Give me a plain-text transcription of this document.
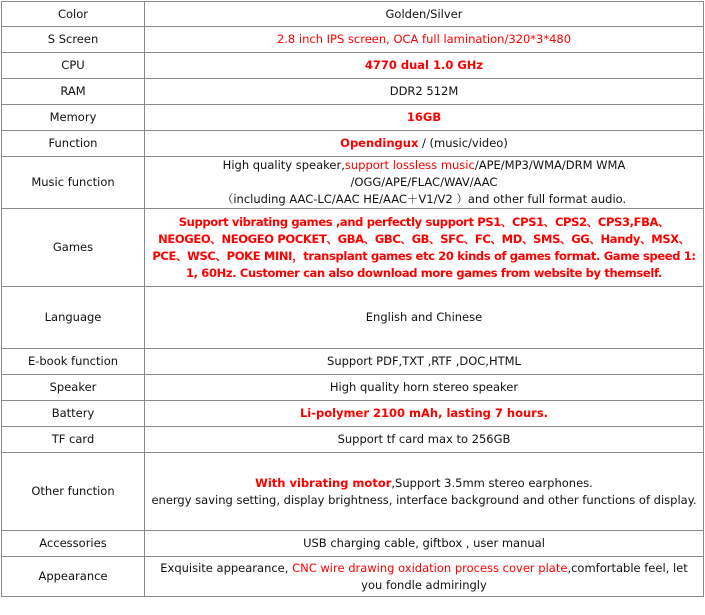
Color	Golden/Silver
S Screen	2.8 inch IPS screen, OCA full lamination/320*3*480
CPU	4770 dual 1.0 GHz
RAM	DDR2 512M
Memory	16GB
Function	Opendingux / (music/video)
Music function	High quality speaker,support lossless music/APE/MP3/WMA/DRM WMA /OGG/APE/FLAC/WAV/AAC
（including AAC-LC/AAC HE/AAC＋V1/V2 ）and other full format audio.

Games	Support vibrating games ,and perfectly support PS1、CPS1、CPS2、CPS3,FBA、NEOGEO、NEOGEO POCKET、GBA、GBC、GB、SFC、FC、MD、SMS、GG、Handy、MSX、PCE、WSC、POKE MINI，transplant games etc 20 kinds of games format. Game speed 1: 1, 60Hz. Customer can also download more games from website by themself.
Language	English and Chinese
E-book function	Support PDF,TXT ,RTF ,DOC,HTML
Speaker	High quality horn stereo speaker
Battery	Li-polymer 2100 mAh, lasting 7 hours.
TF card	Support tf card max to 256GB
Other function	With vibrating motor,Support 3.5mm stereo earphones.
energy saving setting, display brightness, interface background and other functions of display.

Accessories	USB charging cable, giftbox , user manual
Appearance	Exquisite appearance, CNC wire drawing oxidation process cover plate,comfortable feel, let you fondle admiringly
